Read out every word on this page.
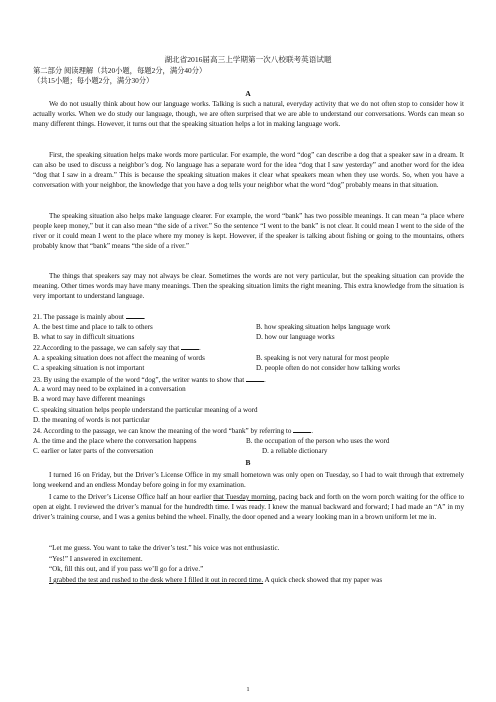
湖北省2016届高三上学期第一次八校联考英语试题
第二部分 阅读理解（共20小题，每题2分，满分40分）
（共15小题；每小题2分，满分30分）
A

We do not usually think about how our language works. Talking is such a natural, everyday activity that we do not often stop to consider how it actually works. When we do study our language, though, we are often surprised that we are able to understand our conversations. Words can mean so many different things. However, it turns out that the speaking situation helps a lot in making language work.

First, the speaking situation helps make words more particular. For example, the word “dog” can describe a dog that a speaker saw in a dream. It can also be used to discuss a neighbor’s dog. No language has a separate word for the idea “dog that I saw yesterday” and another word for the idea “dog that I saw in a dream.” This is because the speaking situation makes it clear what speakers mean when they use words. So, when you have a conversation with your neighbor, the knowledge that you have a dog tells your neighbor what the word “dog” probably means in that situation.

The speaking situation also helps make language clearer. For example, the word “bank” has two possible meanings. It can mean “a place where people keep money,” but it can also mean “the side of a river.” So the sentence “I went to the bank” is not clear. It could mean I went to the side of the river or it could mean I went to the place where my money is kept. However, if the speaker is talking about fishing or going to the mountains, others probably know that “bank” means “the side of a river.”

The things that speakers say may not always be clear. Sometimes the words are not very particular, but the speaking situation can provide the meaning. Other times words may have many meanings. Then the speaking situation limits the right meaning. This extra knowledge from the situation is very important to understand language.

21. The passage is mainly about	.
A. the best time and place to talk to others	B. how speaking situation helps language work
B. what to say in difficult situations	D. how our language works
22.According to the passage, we can safely say that	.
A. a speaking situation does not affect the meaning of words	B. speaking is not very natural for most people
C. a speaking situation is not important	D. people often do not consider how talking works
23. By using the example of the word “dog”, the writer wants to show that	.
A. a word may need to be explained in a conversation
B. a word may have different meanings
C. speaking situation helps people understand the particular meaning of a word
D. the meaning of words is not particular
24. According to the passage, we can know the meaning of the word “bank” by referring to	.
A. the time and the place where the conversation happens	B. the occupation of the person who uses the word
C. earlier or later parts of the conversation	D. a reliable dictionary
B

I turned 16 on Friday, but the Driver’s License Office in my small hometown was only open on Tuesday, so I had to wait through that extremely long weekend and an endless Monday before going in for my examination.

I came to the Driver’s License Office half an hour earlier that Tuesday morning, pacing back and forth on the worn porch waiting for the office to open at eight. I reviewed the driver’s manual for the hundredth time. I was ready. I knew the manual backward and forward; I had made an “A” in my driver’s training course, and I was a genius behind the wheel. Finally, the door opened and a weary looking man in a brown uniform let me in.

“Let me guess. You want to take the driver’s test.” his voice was not enthusiastic.

“Yes!” I answered in excitement.

“Ok, fill this out, and if you pass we’ll go for a drive.”

I grabbed the test and rushed to the desk where I filled it out in record time. A quick check showed that my paper was

1
